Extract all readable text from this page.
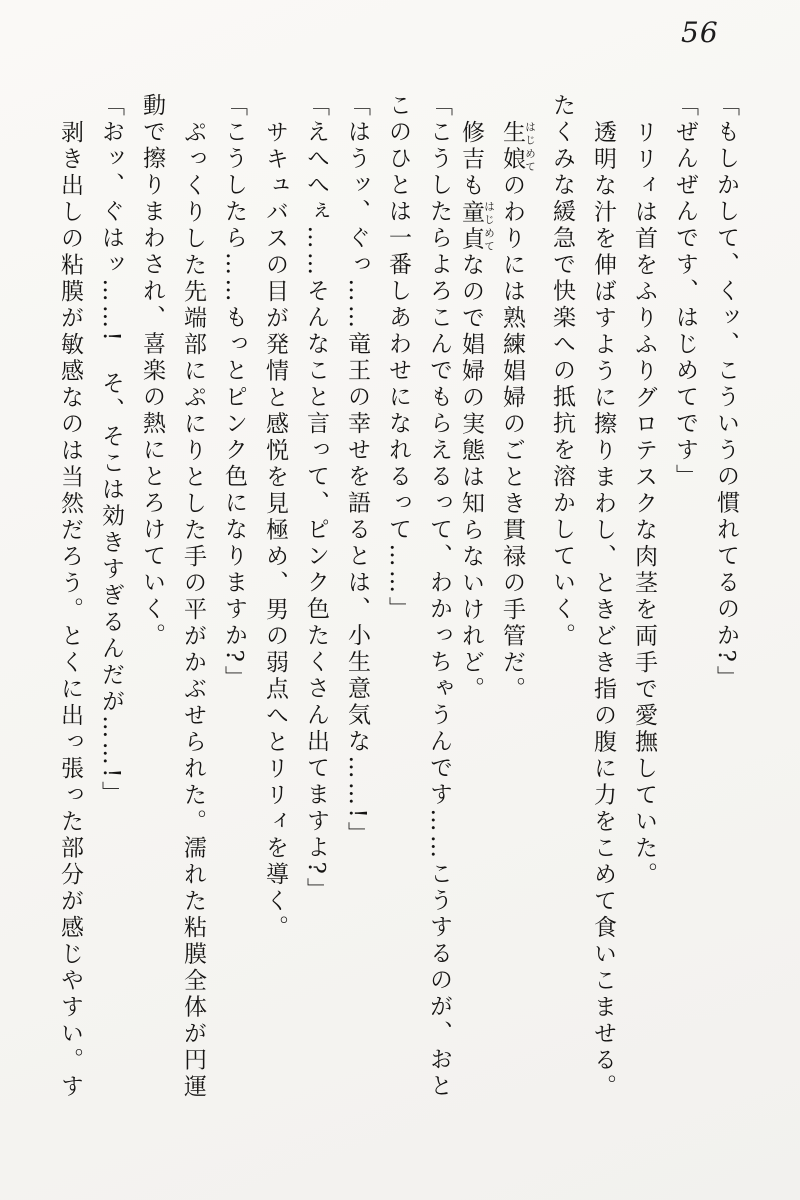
56
「もしかして、くッ、こういうの慣れてるのか?」
「ぜんぜんです、はじめてです」
リリィは首をふりふりグロテスクな肉茎を両手で愛撫していた。
透明な汁を伸ばすように擦りまわし、ときどき指の腹に力をこめて食いこませる。
たくみな緩急で快楽への抵抗を溶かしていく。
生娘 はじめてのわりには熟練娼婦のごとき貫禄の手管だ。
修吉も童貞 はじめてなので娼婦の実態は知らないけれど。
「こうしたらよろこんでもらえるって、わかっちゃうんです……こうするのが、おと
このひとは一番しあわせになれるって……」
「はうッ、ぐっ……竜王の幸せを語るとは、小生意気な……!」
「えへへぇ……そんなこと言って、ピンク色たくさん出てますよ?」
サキュバスの目が発情と感悦を見極め、男の弱点へとリリィを導く。
「こうしたら……もっとピンク色になりますか?」
ぷっくりした先端部にぷにりとした手の平がかぶせられた。濡れた粘膜全体が円運
動で擦りまわされ、喜楽の熱にとろけていく。
「おッ、ぐはッ……!　そ、そこは効きすぎるんだが……!」
剥き出しの粘膜が敏感なのは当然だろう。とくに出っ張った部分が感じやすい。す
